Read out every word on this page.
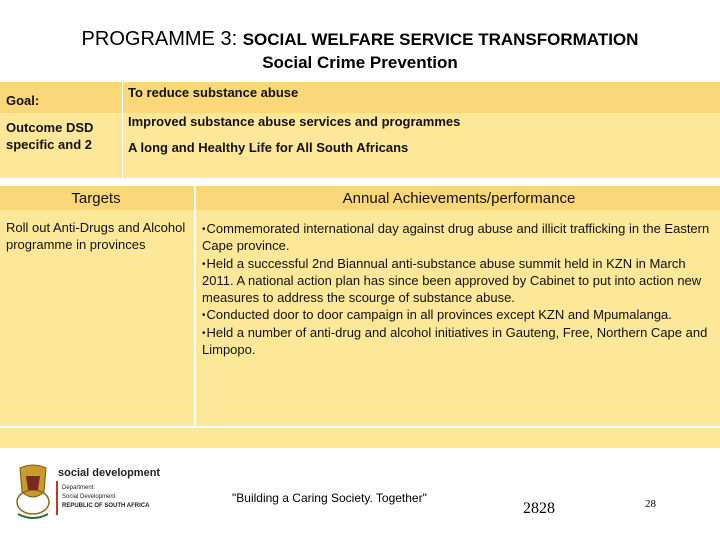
PROGRAMME 3: SOCIAL WELFARE SERVICE TRANSFORMATION
Social Crime Prevention
Goal:
To reduce substance abuse
Outcome DSD specific and 2
Improved substance abuse services and programmes
A long and Healthy Life for All South Africans
Targets	Annual Achievements/performance
Roll out Anti-Drugs and Alcohol programme in provinces
•Commemorated international day against drug abuse and illicit trafficking in the Eastern Cape province.
•Held a successful 2nd Biannual anti-substance abuse summit held in KZN in March 2011. A national action plan has since been approved by Cabinet to put into action new measures to address the scourge of substance abuse.
•Conducted door to door campaign in all provinces except KZN and Mpumalanga.
•Held a number of anti-drug and alcohol initiatives in Gauteng, Free, Northern Cape and Limpopo.
social development
Department:
Social Development
REPUBLIC OF SOUTH AFRICA
"Building a Caring Society. Together"
2828	28
